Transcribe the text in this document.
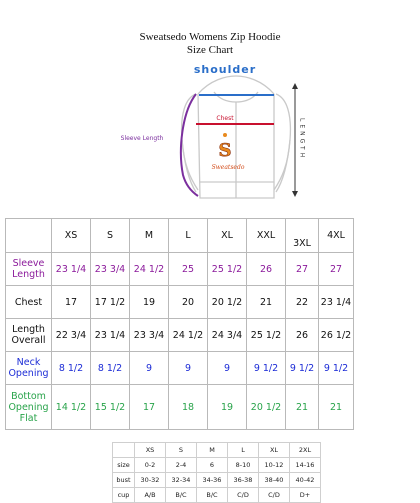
Sweatsedo Womens Zip Hoodie
Size Chart
shoulder
Chest
Sleeve Length	LENGTH
S
Sweatsedo
	XS	S	M	L	XL	XXL	3XL	4XL

Sleeve
Length	23 1/4	23 3/4	24 1/2	25	25 1/2	26	27	27

Chest	17	17 1/2	19	20	20 1/2	21	22	23 1/4

Length
Overall	22 3/4	23 1/4	23 3/4	24 1/2	24 3/4	25 1/2	26	26 1/2

Neck
Opening	8 1/2	8 1/2	9	9	9	9 1/2	9 1/2	9 1/2

Bottom
Opening
Flat	14 1/2	15 1/2	17	18	19	20 1/2	21	21
	XS	S	M	L	XL	2XL
size	0-2	2-4	6	8-10	10-12	14-16
bust	30-32	32-34	34-36	36-38	38-40	40-42
cup	A/B	B/C	B/C	C/D	C/D	D+
